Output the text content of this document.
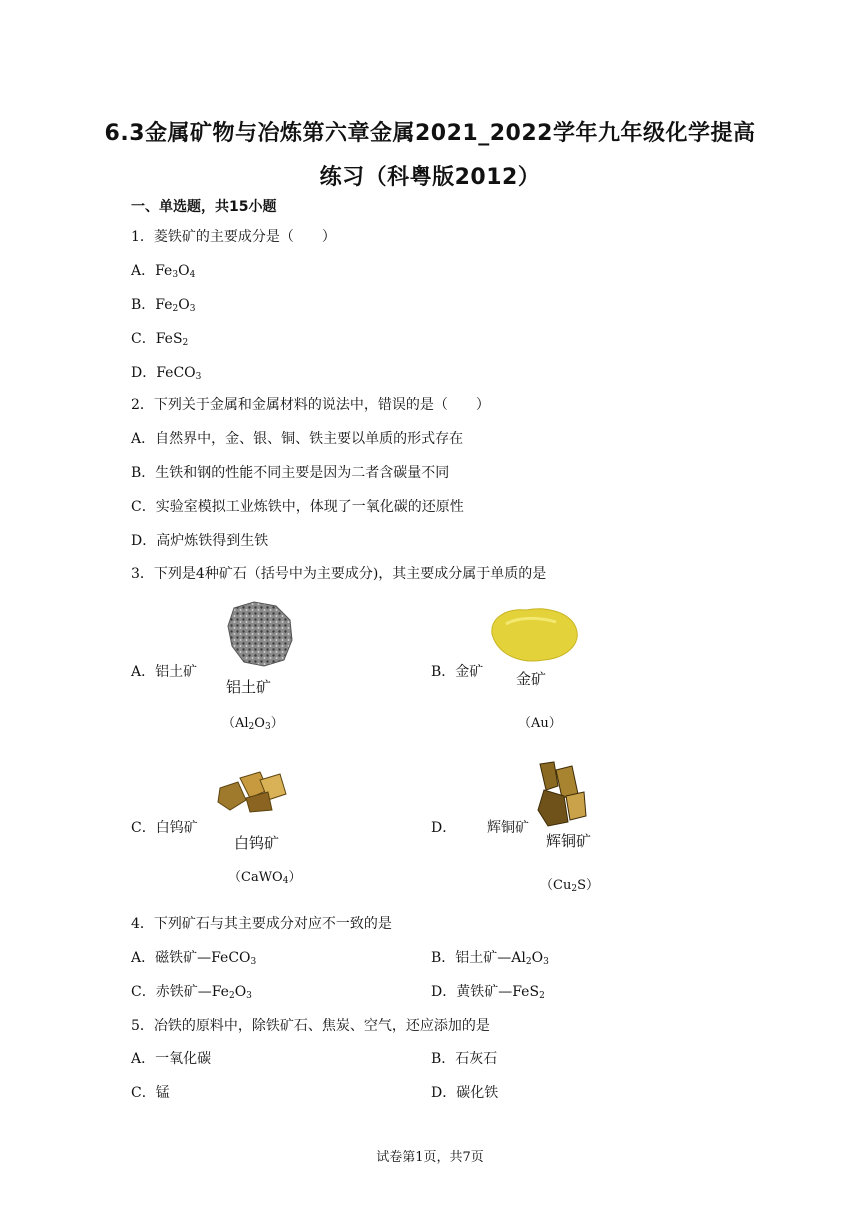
6.3金属矿物与冶炼第六章金属2021_2022学年九年级化学提高
练习（科粤版2012）
一、单选题，共15小题
1．菱铁矿的主要成分是（　　）
A．$Fe_3O_4$
B．$Fe_2O_3$
C．FeS$_2$
D．FeCO$_3$
2．下列关于金属和金属材料的说法中，错误的是（　　）
A．自然界中，金、银、铜、铁主要以单质的形式存在
B．生铁和钢的性能不同主要是因为二者含碳量不同
C．实验室模拟工业炼铁中，体现了一氧化碳的还原性
D．高炉炼铁得到生铁
3．下列是4种矿石（括号中为主要成分)，其主要成分属于单质的是
A．铝土矿
铝土矿
$(Al_2O_3)$
B．金矿 金矿
（Au）
C．白钨矿
白钨矿
（CaWO$_4$）
D． 辉铜矿
辉铜矿
$(Cu_2S)$
4．下列矿石与其主要成分对应不一致的是
A．磁铁矿—FeCO$_3$	B．铝土矿$—Al_2O_3$
C．赤铁矿$—Fe_2O_3$	D．黄铁矿—FeS$_2$
5．冶铁的原料中，除铁矿石、焦炭、空气，还应添加的是
A．一氧化碳	B．石灰石
C．锰	D．碳化铁
试卷第1页，共7页
